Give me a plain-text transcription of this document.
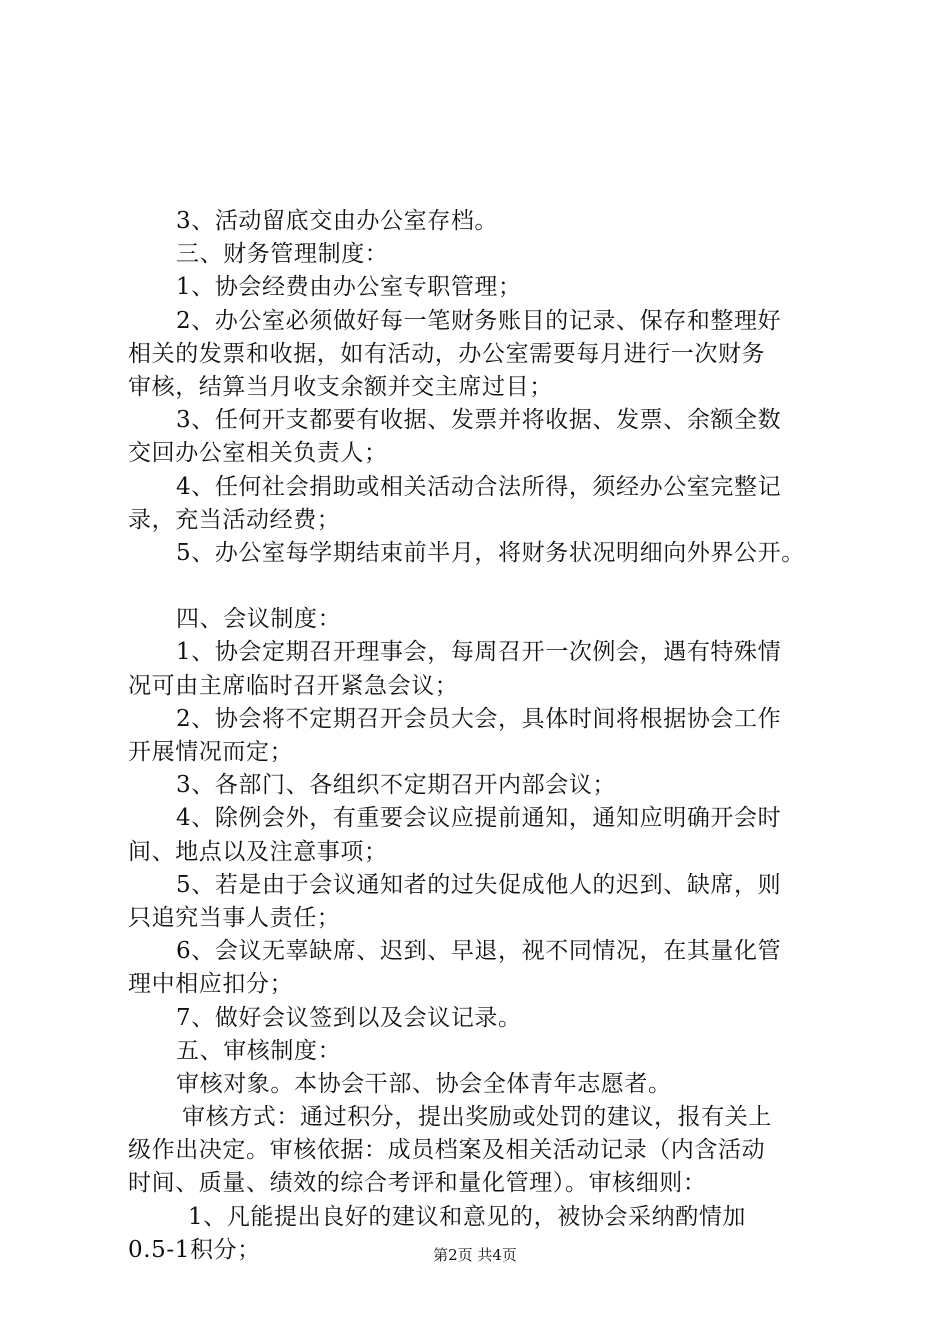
3、活动留底交由办公室存档。
三、财务管理制度：
1、协会经费由办公室专职管理；
2、办公室必须做好每一笔财务账目的记录、保存和整理好
相关的发票和收据，如有活动，办公室需要每月进行一次财务
审核，结算当月收支余额并交主席过目；
3、任何开支都要有收据、发票并将收据、发票、余额全数
交回办公室相关负责人；
4、任何社会捐助或相关活动合法所得，须经办公室完整记
录，充当活动经费；
5、办公室每学期结束前半月，将财务状况明细向外界公开。
四、会议制度：
1、协会定期召开理事会，每周召开一次例会，遇有特殊情
况可由主席临时召开紧急会议；
2、协会将不定期召开会员大会，具体时间将根据协会工作
开展情况而定；
3、各部门、各组织不定期召开内部会议；
4、除例会外，有重要会议应提前通知，通知应明确开会时
间、地点以及注意事项；
5、若是由于会议通知者的过失促成他人的迟到、缺席，则
只追究当事人责任；
6、会议无辜缺席、迟到、早退，视不同情况，在其量化管
理中相应扣分；
7、做好会议签到以及会议记录。
五、审核制度：
审核对象。本协会干部、协会全体青年志愿者。
审核方式：通过积分，提出奖励或处罚的建议，报有关上
级作出决定。审核依据：成员档案及相关活动记录（内含活动
时间、质量、绩效的综合考评和量化管理）。审核细则：
1、凡能提出良好的建议和意见的，被协会采纳酌情加
0.5-1积分；	第2页 共4页
